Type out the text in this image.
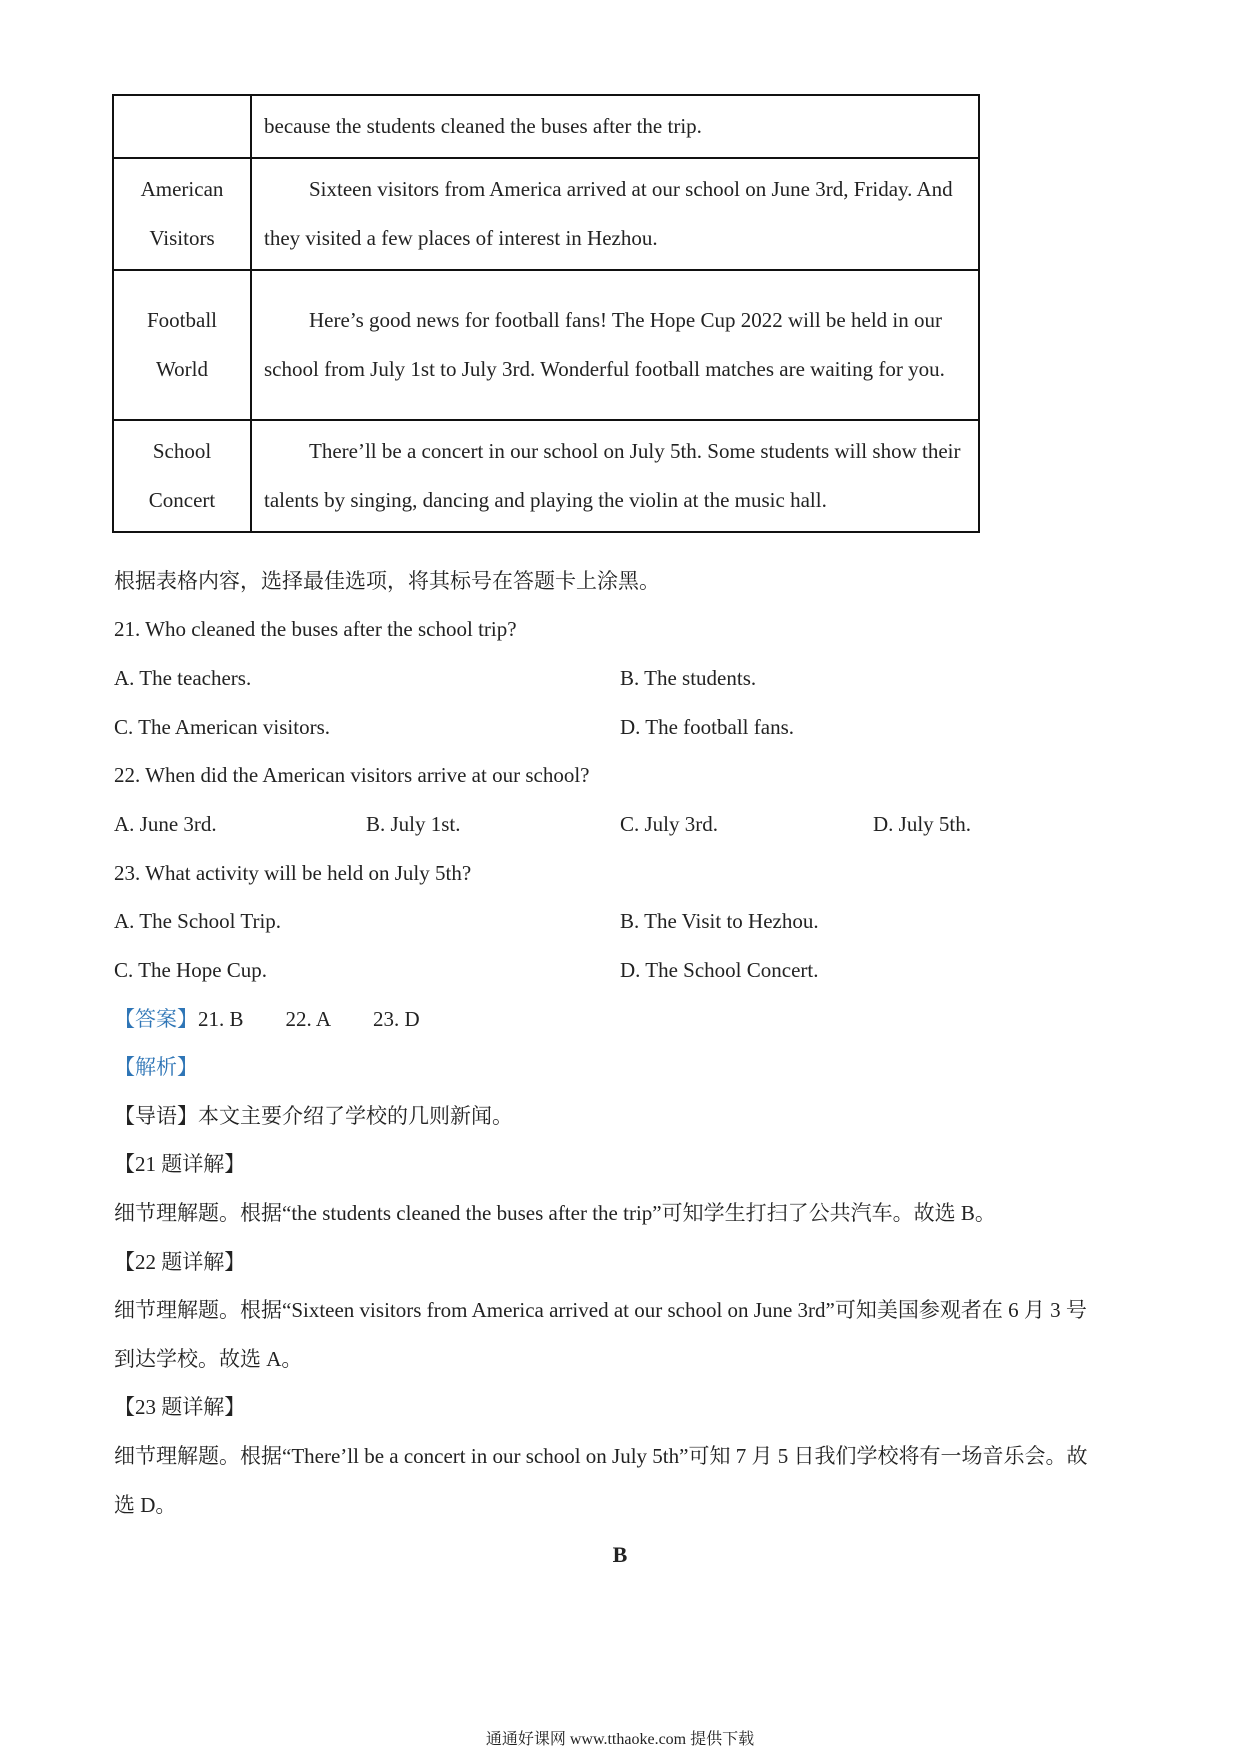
	because the students cleaned the buses after the trip.
American Visitors	Sixteen visitors from America arrived at our school on June 3rd, Friday. And they visited a few places of interest in Hezhou.
Football World	Here’s good news for football fans! The Hope Cup 2022 will be held in our school from July 1st to July 3rd. Wonderful football matches are waiting for you.
School Concert	There’ll be a concert in our school on July 5th. Some students will show their talents by singing, dancing and playing the violin at the music hall.
根据表格内容，选择最佳选项，将其标号在答题卡上涂黑。
21. Who cleaned the buses after the school trip?
A. The teachers.	B. The students.
C. The American visitors.	D. The football fans.
22. When did the American visitors arrive at our school?
A. June 3rd.	B. July 1st.	C. July 3rd.	D. July 5th.
23. What activity will be held on July 5th?
A. The School Trip.	B. The Visit to Hezhou.
C. The Hope Cup.	D. The School Concert.
【答案】21. B 22. A 23. D
【解析】
【导语】本文主要介绍了学校的几则新闻。
【21 题详解】
细节理解题。根据“the students cleaned the buses after the trip”可知学生打扫了公共汽车。故选 B。
【22 题详解】
细节理解题。根据“Sixteen visitors from America arrived at our school on June 3rd”可知美国参观者在 6 月 3 号
到达学校。故选 A。
【23 题详解】
细节理解题。根据“There’ll be a concert in our school on July 5th”可知 7 月 5 日我们学校将有一场音乐会。故
选 D。
B
通通好课网 www.tthaoke.com 提供下载
